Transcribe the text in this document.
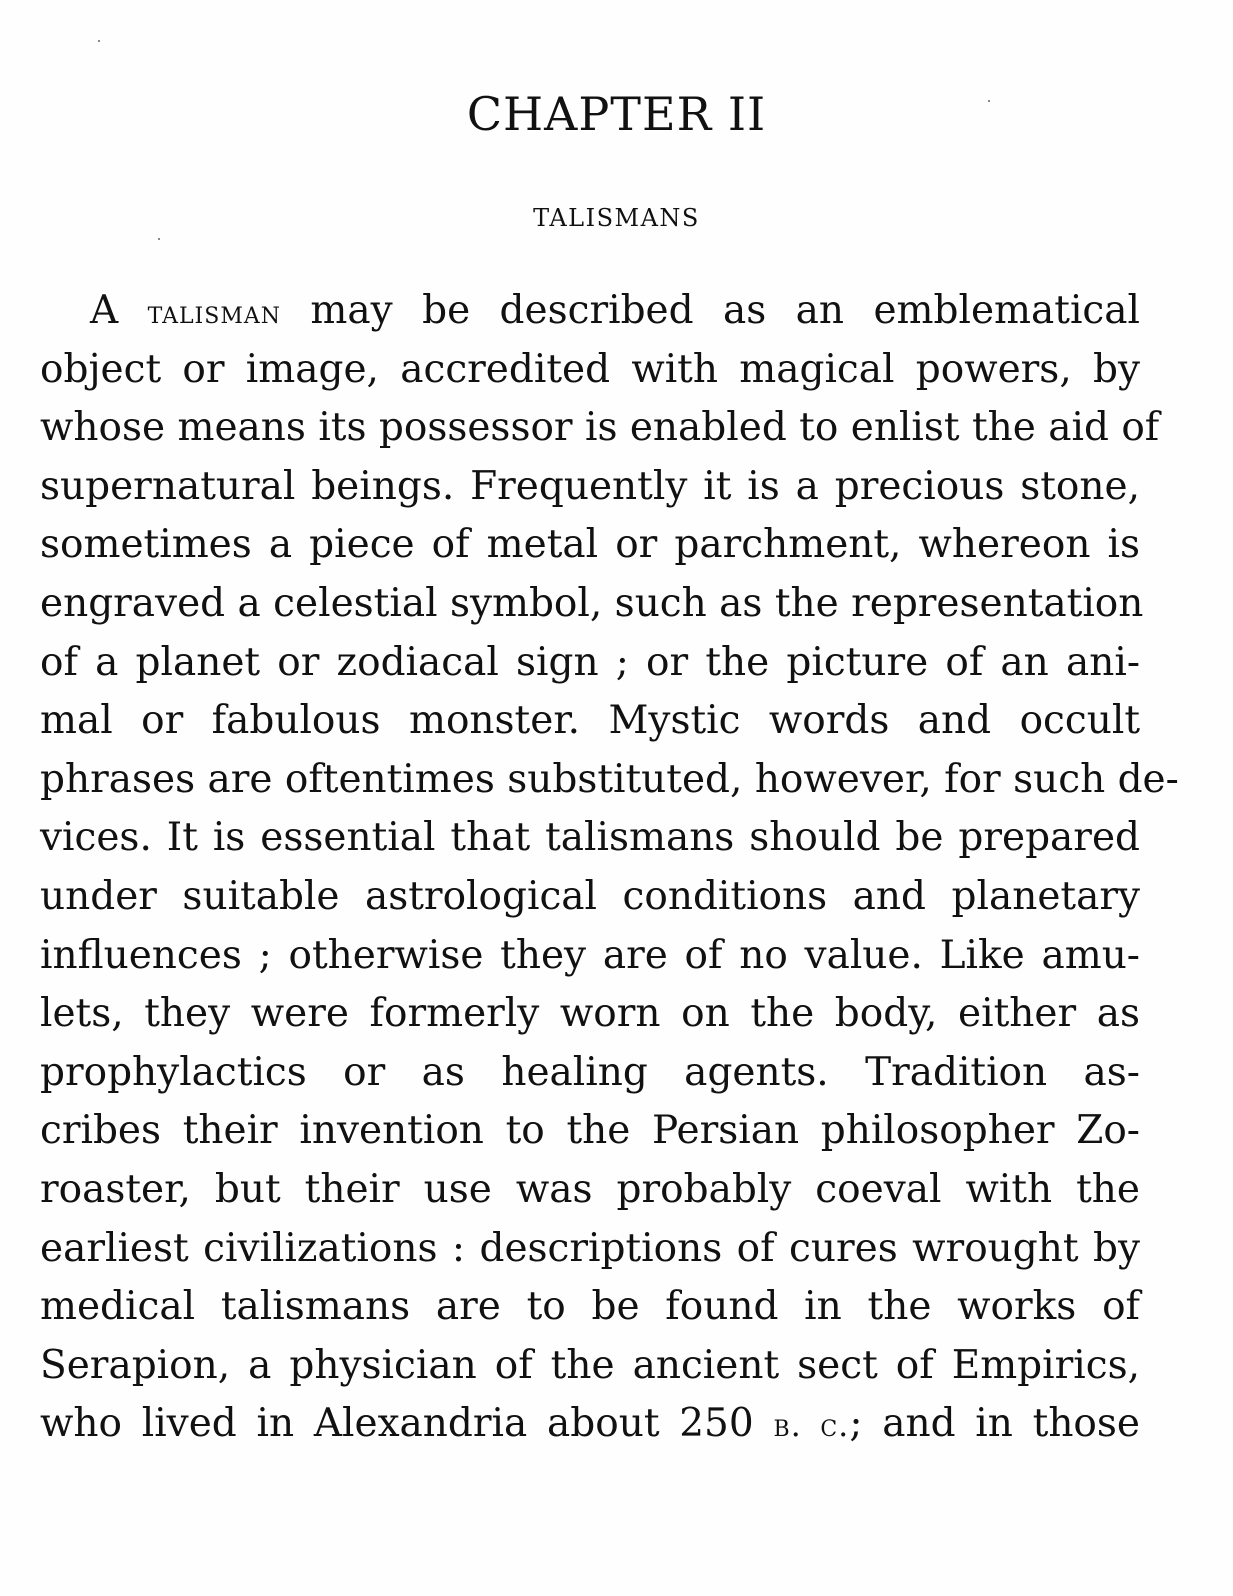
CHAPTER II
TALISMANS
A talisman may be described as an emblematical
object or image, accredited with magical powers, by
whose means its possessor is enabled to enlist the aid of
supernatural beings. Frequently it is a precious stone,
sometimes a piece of metal or parchment, whereon is
engraved a celestial symbol, such as the representation
of a planet or zodiacal sign ; or the picture of an ani-
mal or fabulous monster. Mystic words and occult
phrases are oftentimes substituted, however, for such de-
vices. It is essential that talismans should be prepared
under suitable astrological conditions and planetary
influences ; otherwise they are of no value. Like amu-
lets, they were formerly worn on the body, either as
prophylactics or as healing agents. Tradition as-
cribes their invention to the Persian philosopher Zo-
roaster, but their use was probably coeval with the
earliest civilizations : descriptions of cures wrought by
medical talismans are to be found in the works of
Serapion, a physician of the ancient sect of Empirics,
who lived in Alexandria about 250 b. c.; and in those
